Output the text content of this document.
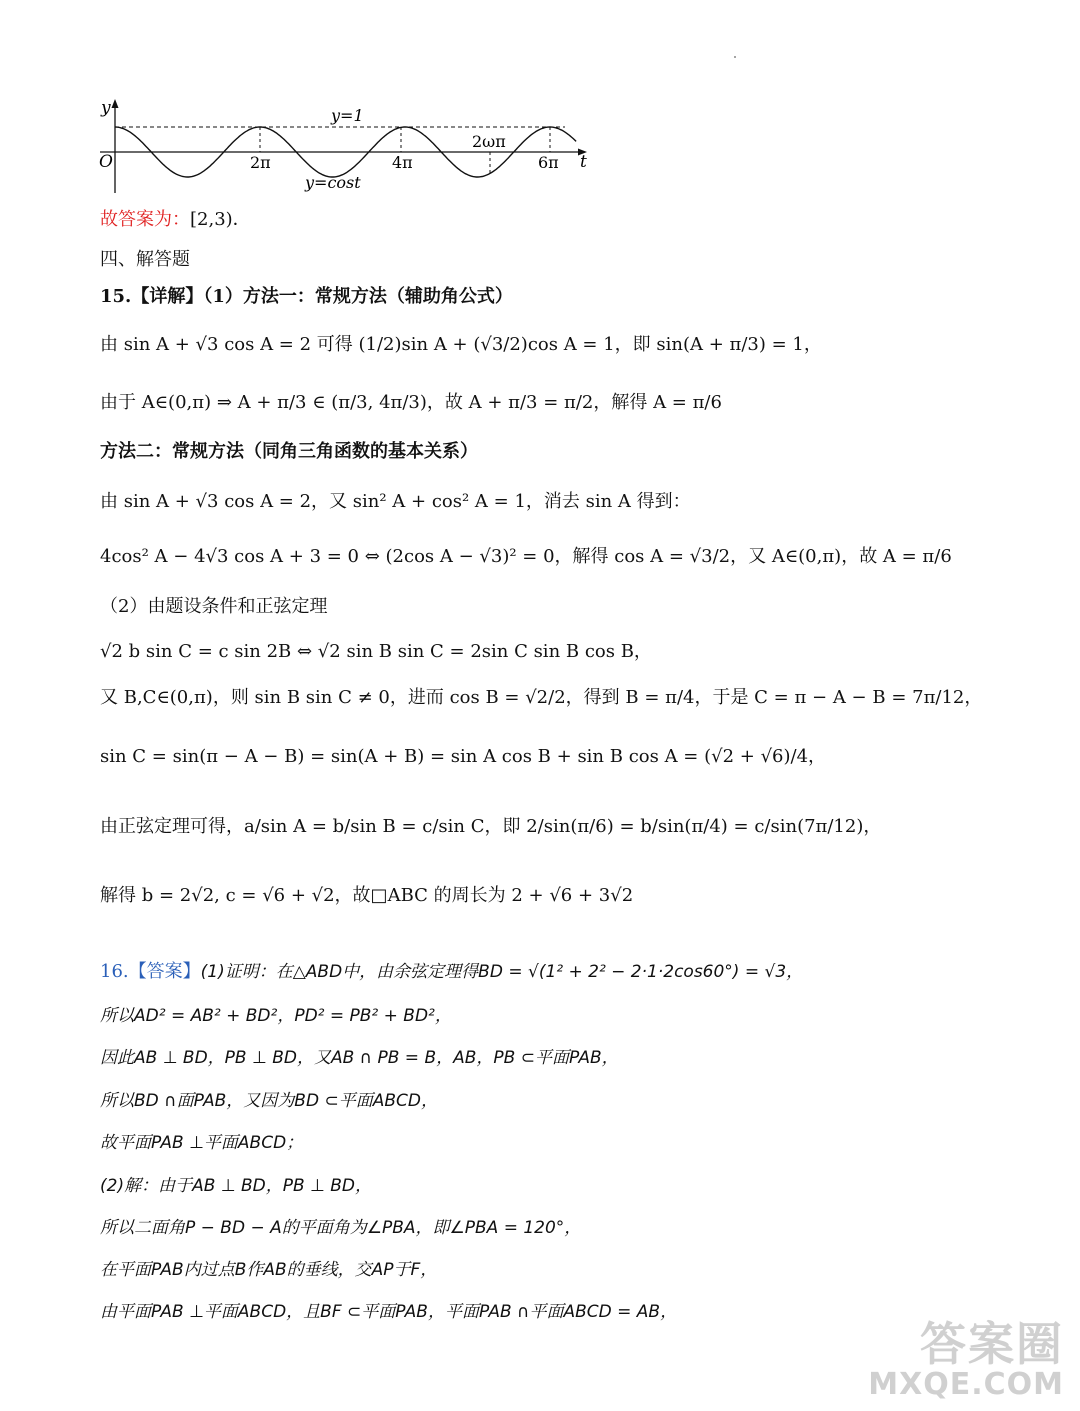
y
t
O
y=1
y=cost
2ωπ
2π	4π	6π
故答案为：[2,3)．
四、解答题
15.【详解】（1）方法一：常规方法（辅助角公式）
由 sin A + √3 cos A = 2 可得 (1/2)sin A + (√3/2)cos A = 1，即 sin(A + π/3) = 1，
由于 A∈(0,π) ⇒ A + π/3 ∈ (π/3, 4π/3)，故 A + π/3 = π/2，解得 A = π/6
方法二：常规方法（同角三角函数的基本关系）
由 sin A + √3 cos A = 2，又 sin² A + cos² A = 1，消去 sin A 得到：
4cos² A − 4√3 cos A + 3 = 0 ⇔ (2cos A − √3)² = 0，解得 cos A = √3/2，又 A∈(0,π)，故 A = π/6
（2）由题设条件和正弦定理
√2 b sin C = c sin 2B ⇔ √2 sin B sin C = 2sin C sin B cos B，
又 B,C∈(0,π)，则 sin B sin C ≠ 0，进而 cos B = √2/2，得到 B = π/4，于是 C = π − A − B = 7π/12，
sin C = sin(π − A − B) = sin(A + B) = sin A cos B + sin B cos A = (√2 + √6)/4，
由正弦定理可得，a/sin A = b/sin B = c/sin C，即 2/sin(π/6) = b/sin(π/4) = c/sin(7π/12)，
解得 b = 2√2, c = √6 + √2，故□ABC 的周长为 2 + √6 + 3√2
16.【答案】(1)证明：在△ABD中，由余弦定理得BD = √(1² + 2² − 2·1·2cos60°) = √3，
所以AD² = AB² + BD²，PD² = PB² + BD²，
因此AB ⊥ BD，PB ⊥ BD，又AB ∩ PB = B，AB，PB ⊂平面PAB，
所以BD ∩面PAB，又因为BD ⊂平面ABCD，
故平面PAB ⊥平面ABCD；
(2)解：由于AB ⊥ BD，PB ⊥ BD，
所以二面角P − BD − A的平面角为∠PBA，即∠PBA = 120°，
在平面PAB内过点B作AB的垂线，交AP于F，
由平面PAB ⊥平面ABCD，且BF ⊂平面PAB，平面PAB ∩平面ABCD = AB，
答案圈
MXQE.COM
